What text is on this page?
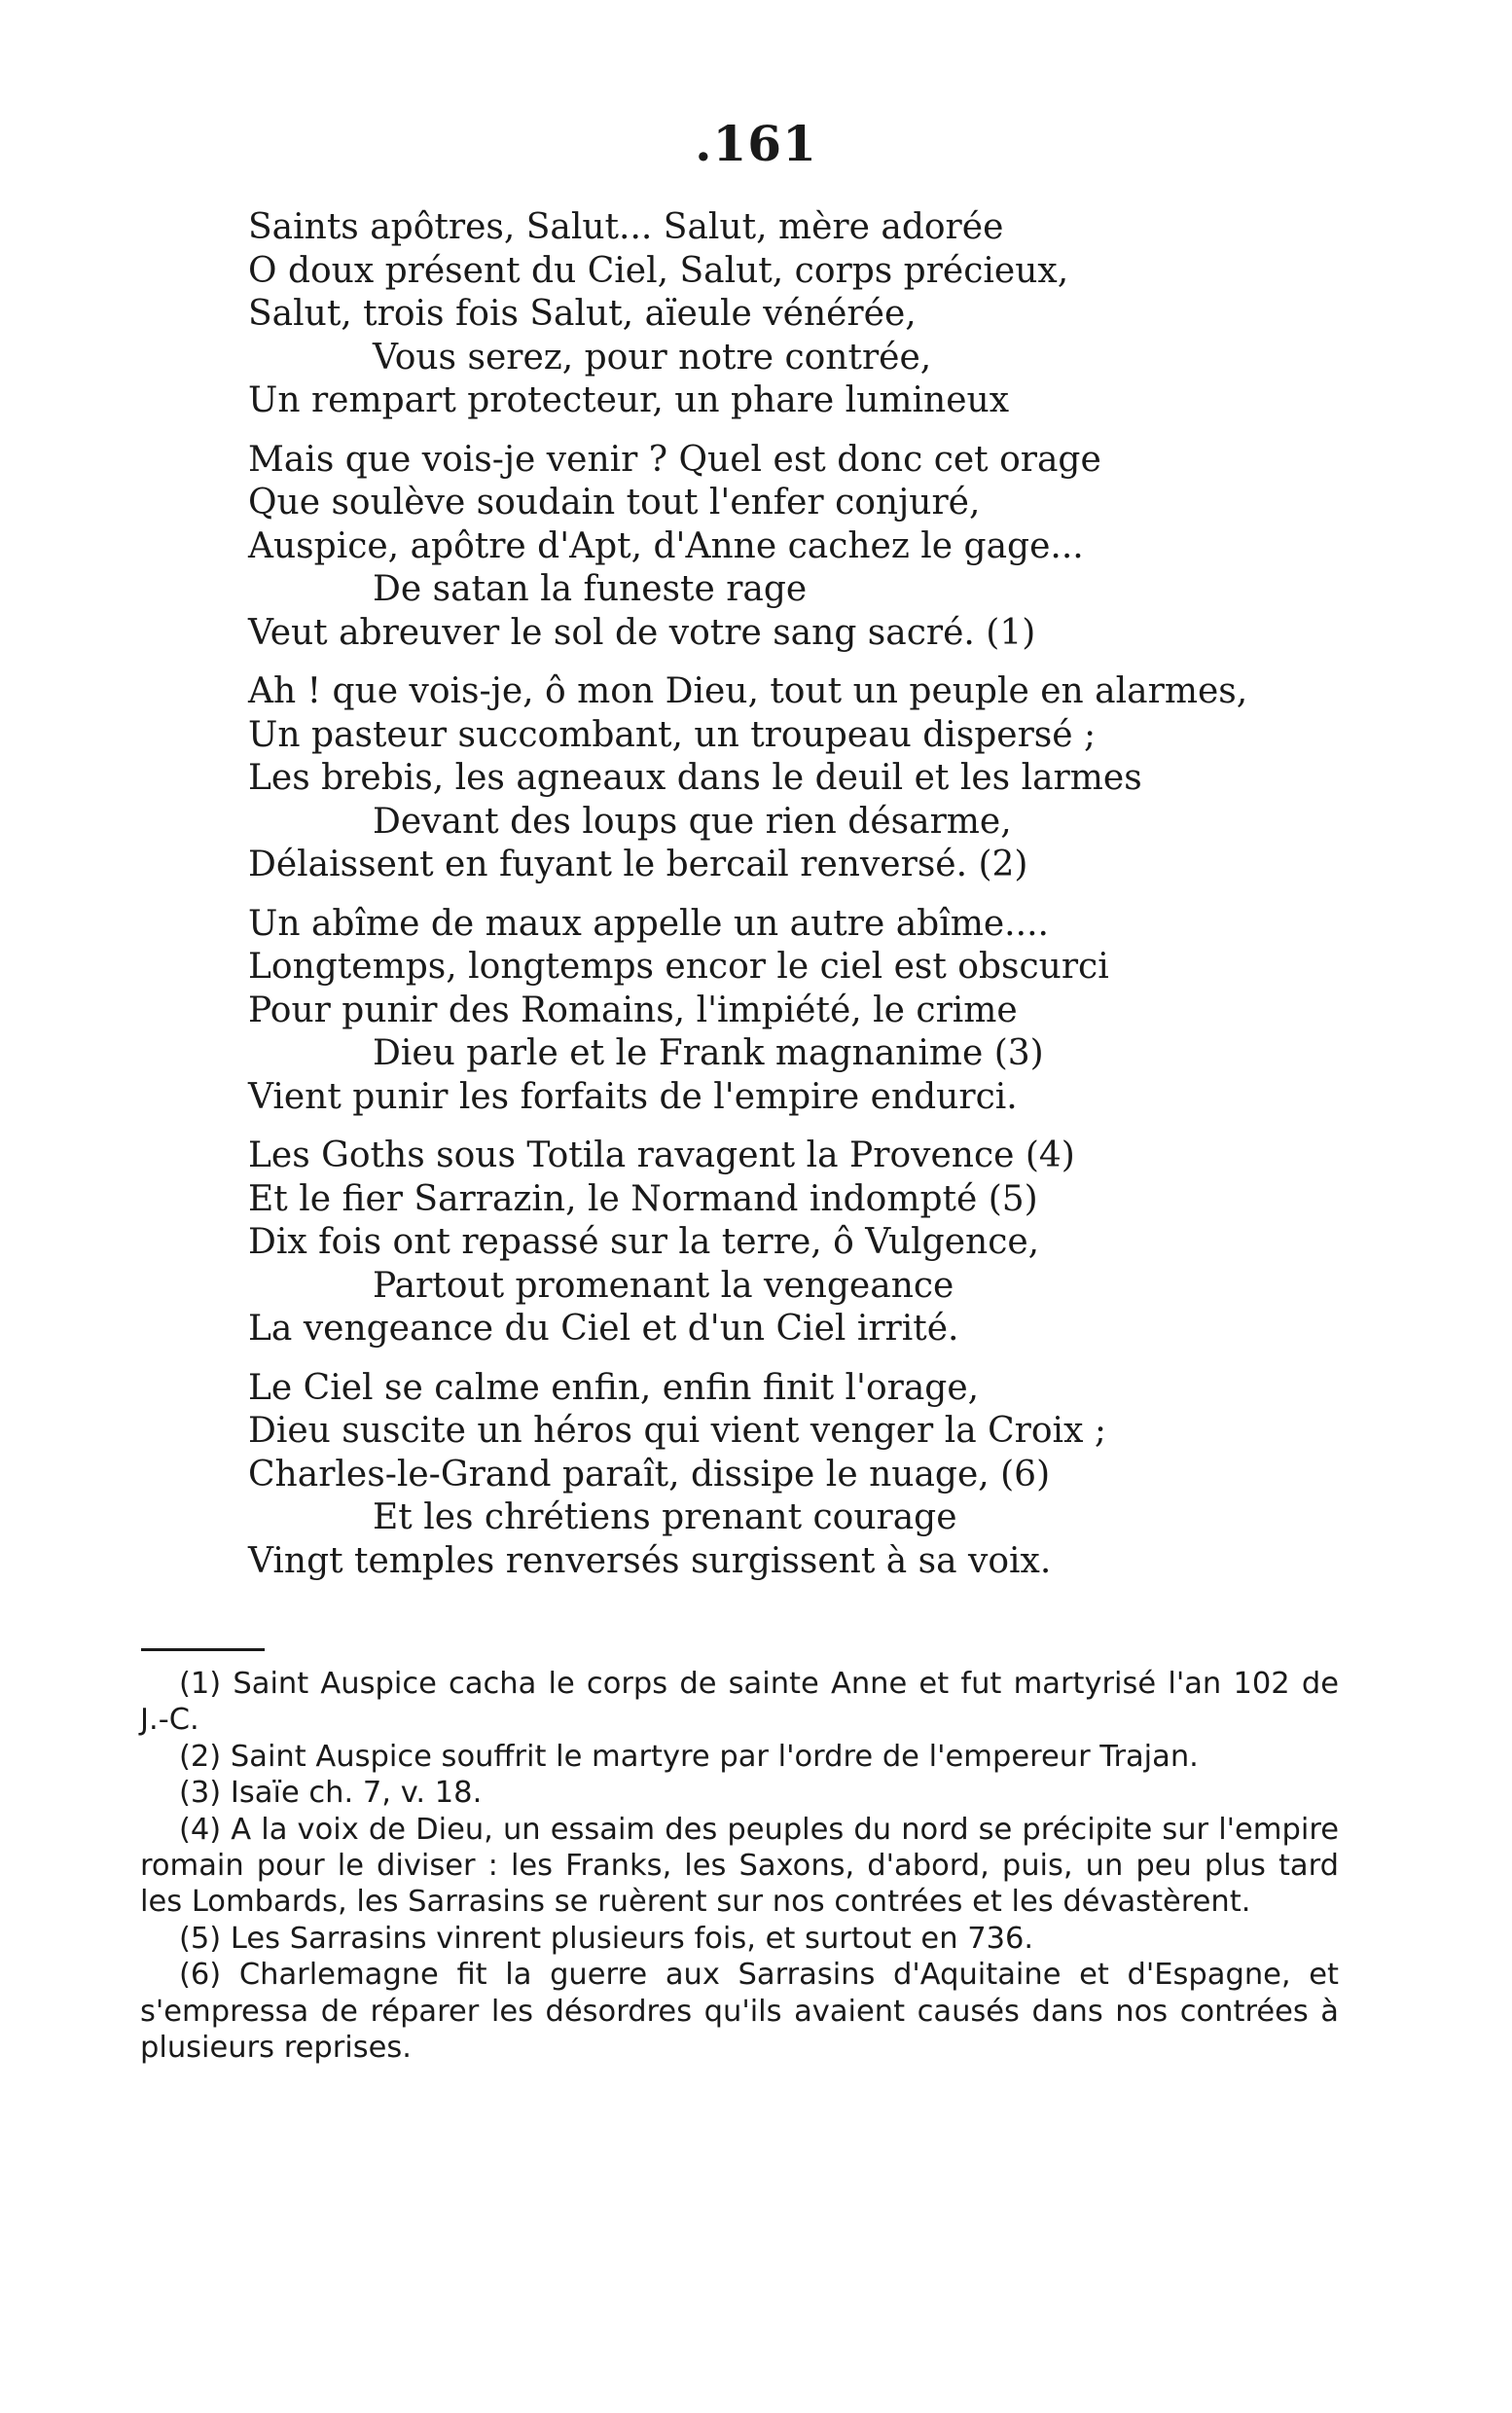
.161
Saints apôtres, Salut... Salut, mère adorée
O doux présent du Ciel, Salut, corps précieux,
Salut, trois fois Salut, aïeule vénérée,
Vous serez, pour notre contrée,
Un rempart protecteur, un phare lumineux
Mais que vois-je venir ? Quel est donc cet orage
Que soulève soudain tout l'enfer conjuré,
Auspice, apôtre d'Apt, d'Anne cachez le gage...
De satan la funeste rage
Veut abreuver le sol de votre sang sacré. (1)
Ah ! que vois-je, ô mon Dieu, tout un peuple en alarmes,
Un pasteur succombant, un troupeau dispersé ;
Les brebis, les agneaux dans le deuil et les larmes
Devant des loups que rien désarme,
Délaissent en fuyant le bercail renversé. (2)
Un abîme de maux appelle un autre abîme....
Longtemps, longtemps encor le ciel est obscurci
Pour punir des Romains, l'impiété, le crime
Dieu parle et le Frank magnanime (3)
Vient punir les forfaits de l'empire endurci.
Les Goths sous Totila ravagent la Provence (4)
Et le fier Sarrazin, le Normand indompté (5)
Dix fois ont repassé sur la terre, ô Vulgence,
Partout promenant la vengeance
La vengeance du Ciel et d'un Ciel irrité.
Le Ciel se calme enfin, enfin finit l'orage,
Dieu suscite un héros qui vient venger la Croix ;
Charles-le-Grand paraît, dissipe le nuage, (6)
Et les chrétiens prenant courage
Vingt temples renversés surgissent à sa voix.
(1) Saint Auspice cacha le corps de sainte Anne et fut martyrisé l'an 102 de J.-C.
(2) Saint Auspice souffrit le martyre par l'ordre de l'empereur Trajan.
(3) Isaïe ch. 7, v. 18.
(4) A la voix de Dieu, un essaim des peuples du nord se précipite sur l'empire romain pour le diviser : les Franks, les Saxons, d'abord, puis, un peu plus tard les Lombards, les Sarrasins se ruèrent sur nos contrées et les dévastèrent.
(5) Les Sarrasins vinrent plusieurs fois, et surtout en 736.
(6) Charlemagne fit la guerre aux Sarrasins d'Aquitaine et d'Espagne, et s'empressa de réparer les désordres qu'ils avaient causés dans nos contrées à plusieurs reprises.
